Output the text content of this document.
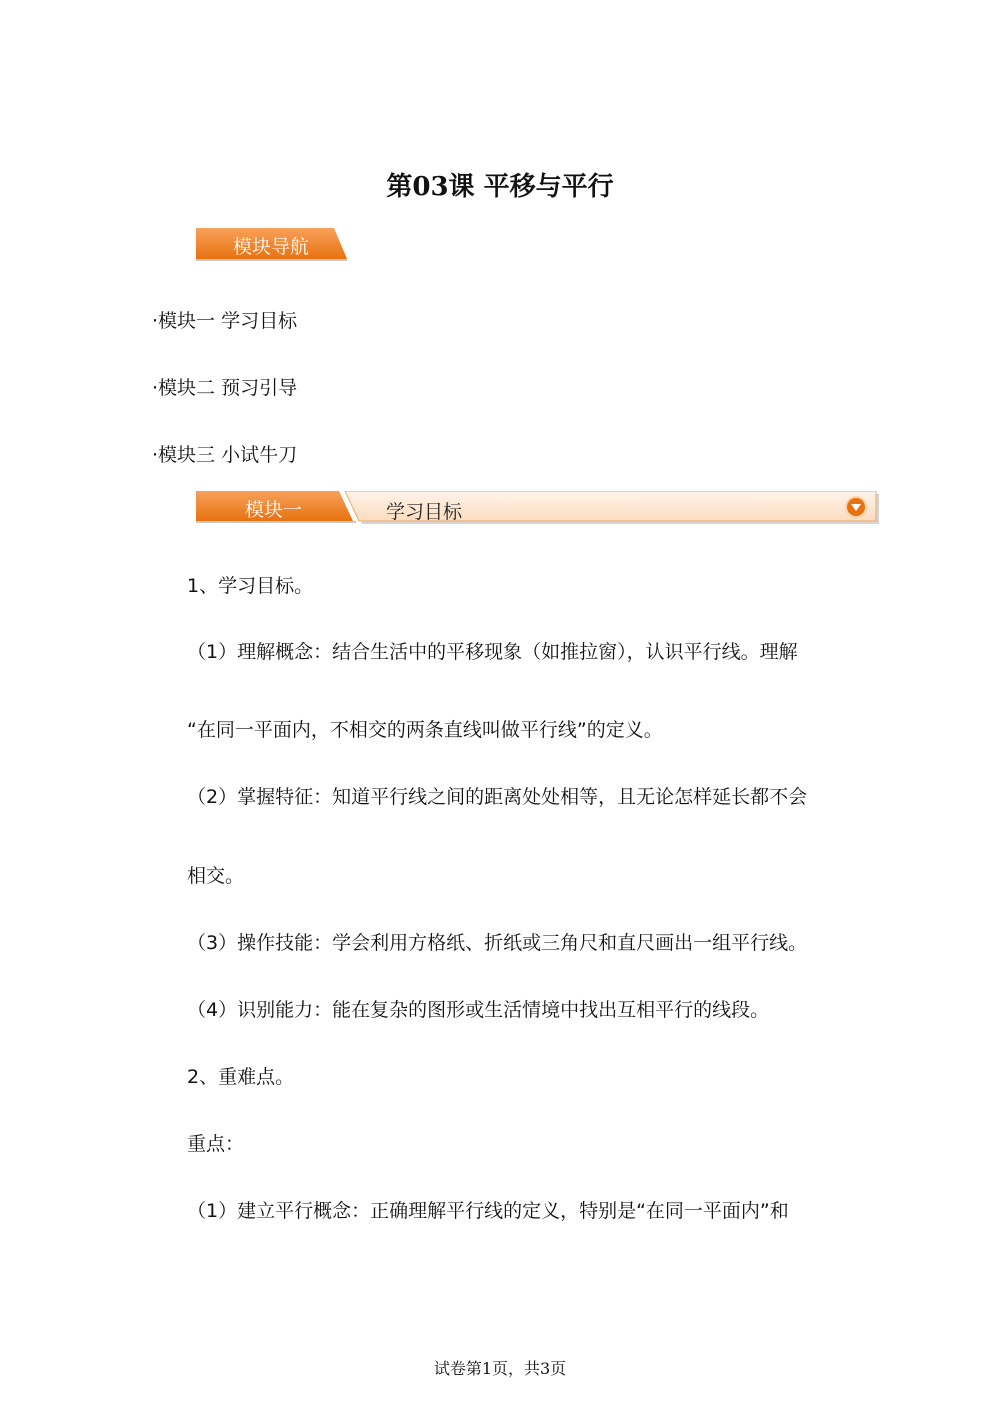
第03课 平移与平行
模块导航
·模块一 学习目标
·模块二 预习引导
·模块三 小试牛刀
模块一	学习目标
1、学习目标。
（1）理解概念：结合生活中的平移现象（如推拉窗），认识平行线。理解
“在同一平面内，不相交的两条直线叫做平行线”的定义。
（2）掌握特征：知道平行线之间的距离处处相等，且无论怎样延长都不会
相交。
（3）操作技能：学会利用方格纸、折纸或三角尺和直尺画出一组平行线。
（4）识别能力：能在复杂的图形或生活情境中找出互相平行的线段。
2、重难点。
重点：
（1）建立平行概念：正确理解平行线的定义，特别是“在同一平面内”和
试卷第1页，共3页
